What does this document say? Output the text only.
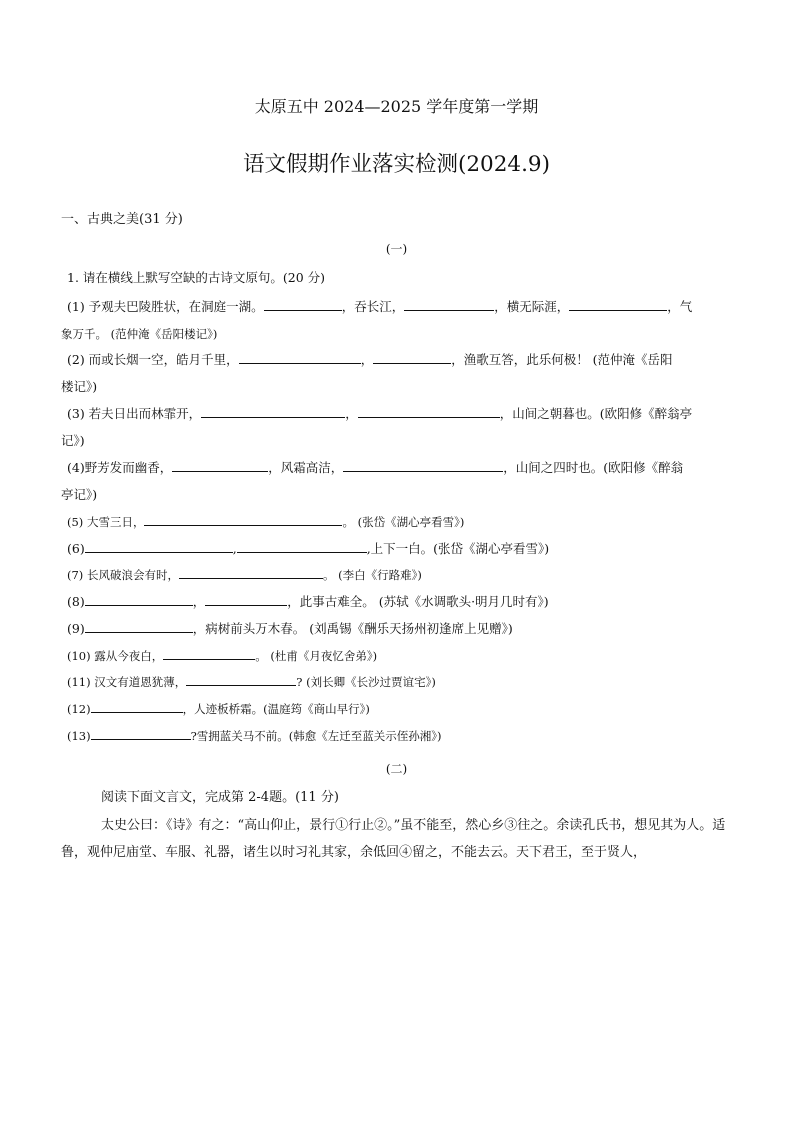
太原五中 2024—2025 学年度第一学期
语文假期作业落实检测(2024.9)
一、古典之美(31 分)
(一)
1. 请在横线上默写空缺的古诗文原句。(20 分)
(1) 予观夫巴陵胜状，在洞庭一湖。	，吞长江，	，横无际涯，	，气
象万千。 (范仲淹《岳阳楼记》)
(2) 而或长烟一空，皓月千里，	，	，渔歌互答，此乐何极！ (范仲淹《岳阳
楼记》)
(3) 若夫日出而林霏开，	，	，山间之朝暮也。(欧阳修《醉翁亭
记》)
(4)野芳发而幽香，	，风霜高洁，	，山间之四时也。(欧阳修《醉翁
亭记》)
(5) 大雪三日，	。 (张岱《湖心亭看雪》)
(6)	,	,上下一白。(张岱《湖心亭看雪》)
(7) 长风破浪会有时，	。 (李白《行路难》)
(8)	，	，此事古难全。 (苏轼《水调歌头·明月几时有》)
(9)	，病树前头万木春。 (刘禹锡《酬乐天扬州初逢席上见赠》)
(10) 露从今夜白，	。 (杜甫《月夜忆舍弟》)
(11) 汉文有道恩犹薄，	? (刘长卿《长沙过贾谊宅》)
(12)	，人迹板桥霜。(温庭筠《商山早行》)
(13)	?雪拥蓝关马不前。(韩愈《左迁至蓝关示侄孙湘》)
(二)
阅读下面文言文，完成第 2-4题。(11 分)
太史公曰：《诗》有之：“高山仰止，景行①行止②。”虽不能至，然心乡③往之。余读孔氏书，想见其为人。适鲁，观仲尼庙堂、车服、礼器，诸生以时习礼其家，余低回④留之，不能去云。天下君王，至于贤人，
